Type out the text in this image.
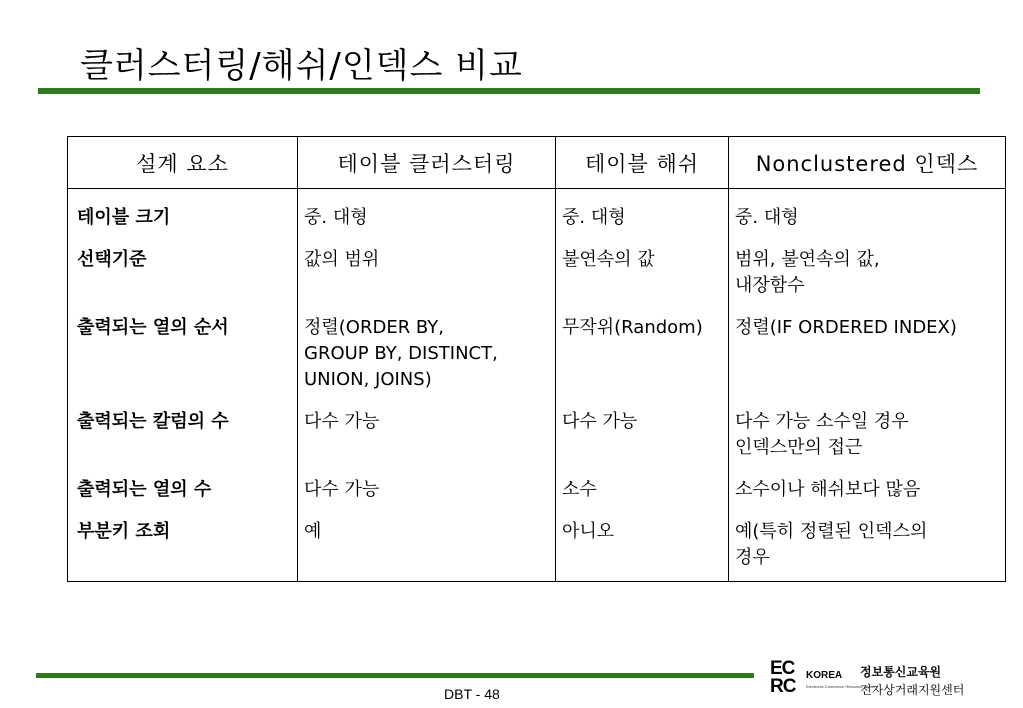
클러스터링/해쉬/인덱스 비교
설계 요소	테이블 클러스터링	테이블 해쉬	Nonclustered 인덱스
테이블 크기	중. 대형	중. 대형	중. 대형

선택기준	값의 범위	불연속의 값	범위, 불연속의 값,
내장함수

출력되는 열의 순서	정렬(ORDER BY,
GROUP BY, DISTINCT,
UNION, JOINS)	무작위(Random)	정렬(IF ORDERED INDEX)

출력되는 칼럼의 수	다수 가능	다수 가능	다수 가능 소수일 경우
인덱스만의 접근

출력되는 열의 수	다수 가능	소수	소수이나 해쉬보다 많음

부분키 조회	예	아니오	예(특히 정렬된 인덱스의
경우
DBT - 48
EC
RC
KOREA
Electronic Commerce Resource Center
정보통신교육원
전자상거래지원센터
